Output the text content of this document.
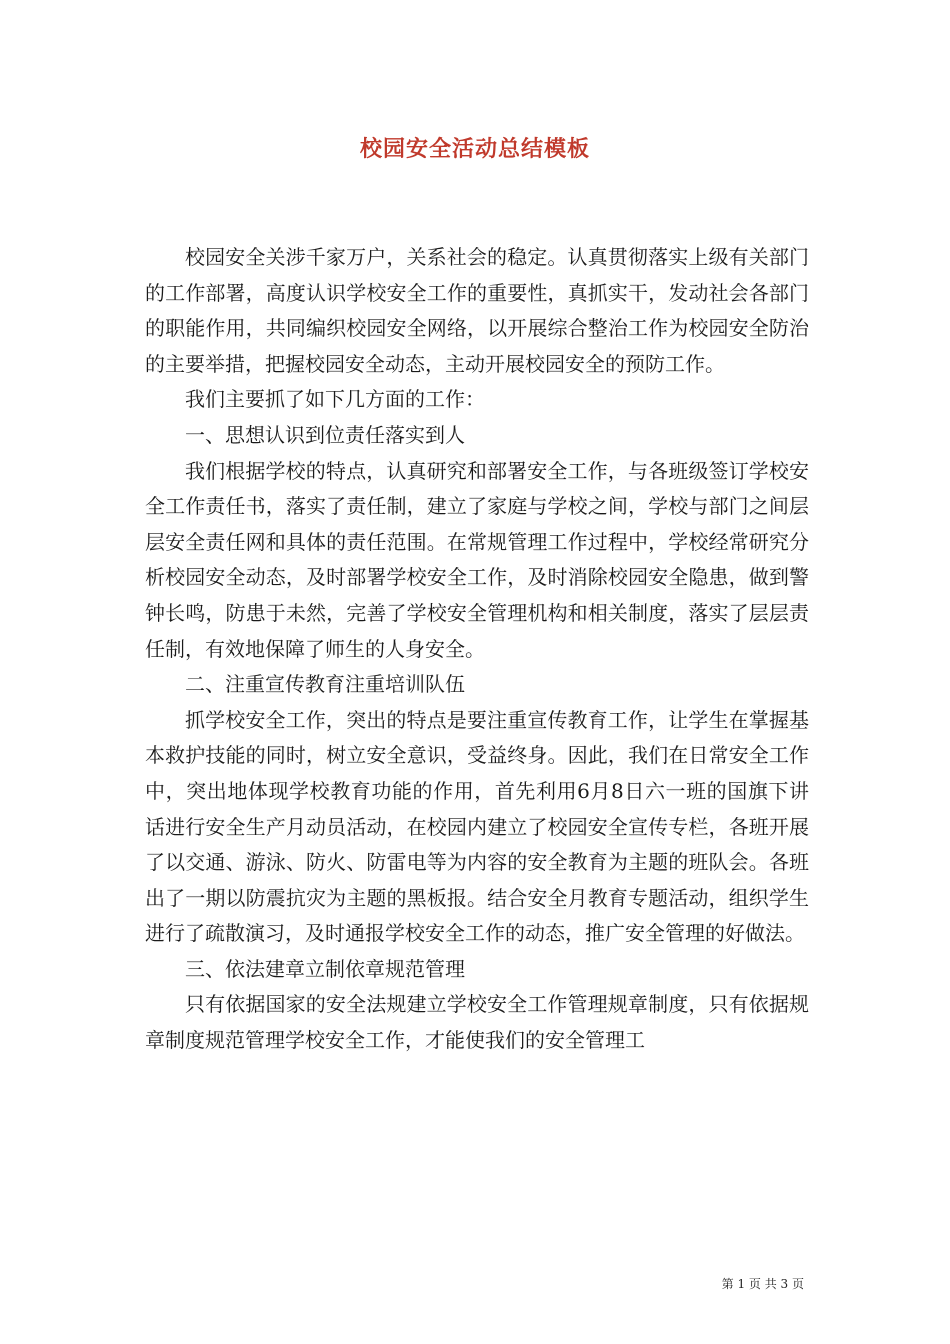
校园安全活动总结模板

校园安全关涉千家万户，关系社会的稳定。认真贯彻落实上级有关部门的工作部署，高度认识学校安全工作的重要性，真抓实干，发动社会各部门的职能作用，共同编织校园安全网络，以开展综合整治工作为校园安全防治的主要举措，把握校园安全动态，主动开展校园安全的预防工作。

我们主要抓了如下几方面的工作：

一、思想认识到位责任落实到人

我们根据学校的特点，认真研究和部署安全工作，与各班级签订学校安全工作责任书，落实了责任制，建立了家庭与学校之间，学校与部门之间层层安全责任网和具体的责任范围。在常规管理工作过程中，学校经常研究分析校园安全动态，及时部署学校安全工作，及时消除校园安全隐患，做到警钟长鸣，防患于未然，完善了学校安全管理机构和相关制度，落实了层层责任制，有效地保障了师生的人身安全。

二、注重宣传教育注重培训队伍

抓学校安全工作，突出的特点是要注重宣传教育工作，让学生在掌握基本救护技能的同时，树立安全意识，受益终身。因此，我们在日常安全工作中，突出地体现学校教育功能的作用，首先利用6月8日六一班的国旗下讲话进行安全生产月动员活动，在校园内建立了校园安全宣传专栏，各班开展了以交通、游泳、防火、防雷电等为内容的安全教育为主题的班队会。各班出了一期以防震抗灾为主题的黑板报。结合安全月教育专题活动，组织学生进行了疏散演习，及时通报学校安全工作的动态，推广安全管理的好做法。

三、依法建章立制依章规范管理

只有依据国家的安全法规建立学校安全工作管理规章制度，只有依据规章制度规范管理学校安全工作，才能使我们的安全管理工

第 1 页 共 3 页
